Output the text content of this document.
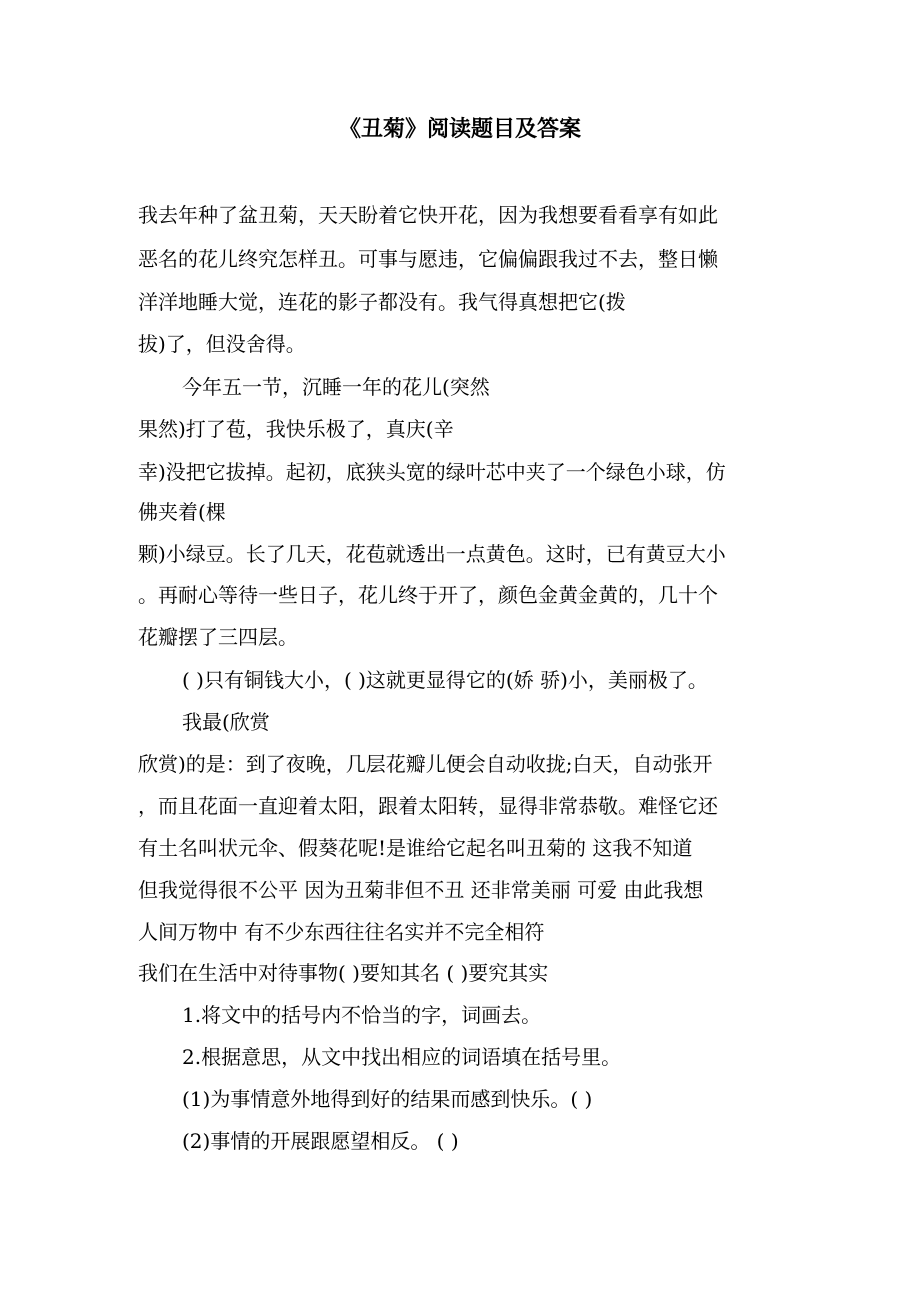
《丑菊》阅读题目及答案
我去年种了盆丑菊，天天盼着它快开花，因为我想要看看享有如此
恶名的花儿终究怎样丑。可事与愿违，它偏偏跟我过不去，整日懒
洋洋地睡大觉，连花的影子都没有。我气得真想把它(拨
拔)了，但没舍得。
今年五一节，沉睡一年的花儿(突然
果然)打了苞，我快乐极了，真庆(辛
幸)没把它拔掉。起初，底狭头宽的绿叶芯中夹了一个绿色小球，仿
佛夹着(棵
颗)小绿豆。长了几天，花苞就透出一点黄色。这时，已有黄豆大小
。再耐心等待一些日子，花儿终于开了，颜色金黄金黄的，几十个
花瓣摆了三四层。
( )只有铜钱大小，( )这就更显得它的(娇 骄)小，美丽极了。
我最(欣赏
欣赏)的是：到了夜晚，几层花瓣儿便会自动收拢;白天，自动张开
，而且花面一直迎着太阳，跟着太阳转，显得非常恭敬。难怪它还
有土名叫状元伞、假葵花呢!是谁给它起名叫丑菊的 这我不知道
但我觉得很不公平 因为丑菊非但不丑 还非常美丽 可爱 由此我想
人间万物中 有不少东西往往名实并不完全相符
我们在生活中对待事物( )要知其名 ( )要究其实
1.将文中的括号内不恰当的字，词画去。
2.根据意思，从文中找出相应的词语填在括号里。
(1)为事情意外地得到好的结果而感到快乐。( )
(2)事情的开展跟愿望相反。 ( )
